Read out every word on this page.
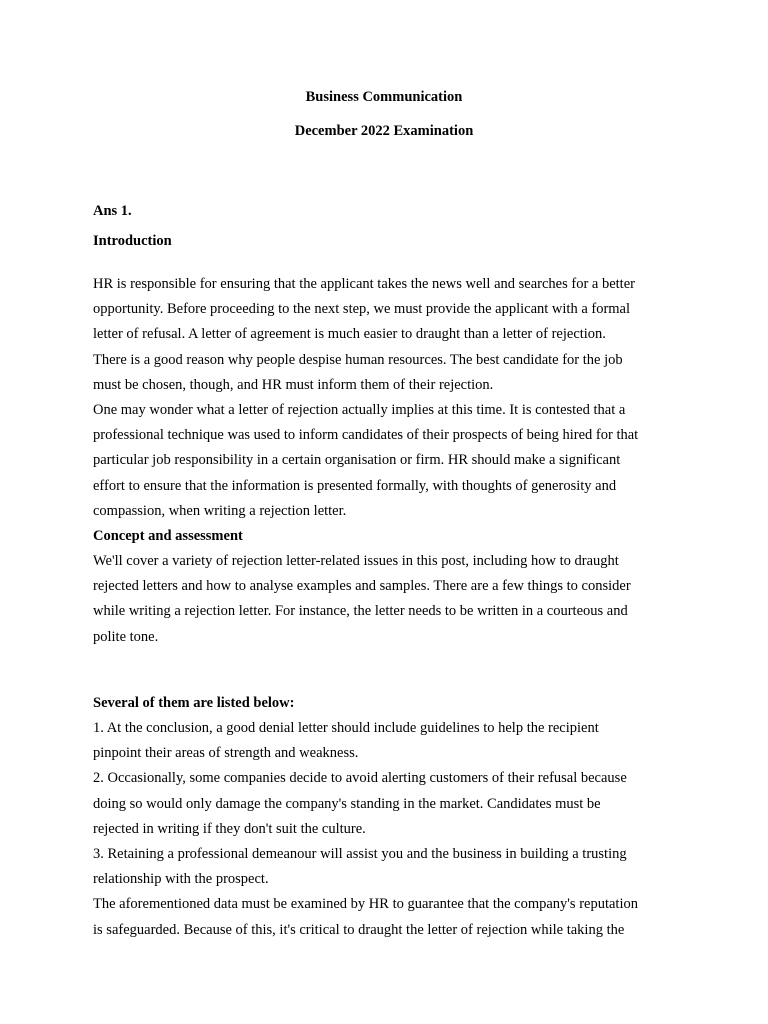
Business Communication

December 2022 Examination

Ans 1.

Introduction

HR is responsible for ensuring that the applicant takes the news well and searches for a better
opportunity. Before proceeding to the next step, we must provide the applicant with a formal
letter of refusal. A letter of agreement is much easier to draught than a letter of rejection.
There is a good reason why people despise human resources. The best candidate for the job
must be chosen, though, and HR must inform them of their rejection.
One may wonder what a letter of rejection actually implies at this time. It is contested that a
professional technique was used to inform candidates of their prospects of being hired for that
particular job responsibility in a certain organisation or firm. HR should make a significant
effort to ensure that the information is presented formally, with thoughts of generosity and
compassion, when writing a rejection letter.

Concept and assessment

We'll cover a variety of rejection letter-related issues in this post, including how to draught
rejected letters and how to analyse examples and samples. There are a few things to consider
while writing a rejection letter. For instance, the letter needs to be written in a courteous and
polite tone.

Several of them are listed below:

1. At the conclusion, a good denial letter should include guidelines to help the recipient
pinpoint their areas of strength and weakness.
2. Occasionally, some companies decide to avoid alerting customers of their refusal because
doing so would only damage the company's standing in the market. Candidates must be
rejected in writing if they don't suit the culture.
3. Retaining a professional demeanour will assist you and the business in building a trusting
relationship with the prospect.
The aforementioned data must be examined by HR to guarantee that the company's reputation
is safeguarded. Because of this, it's critical to draught the letter of rejection while taking the
